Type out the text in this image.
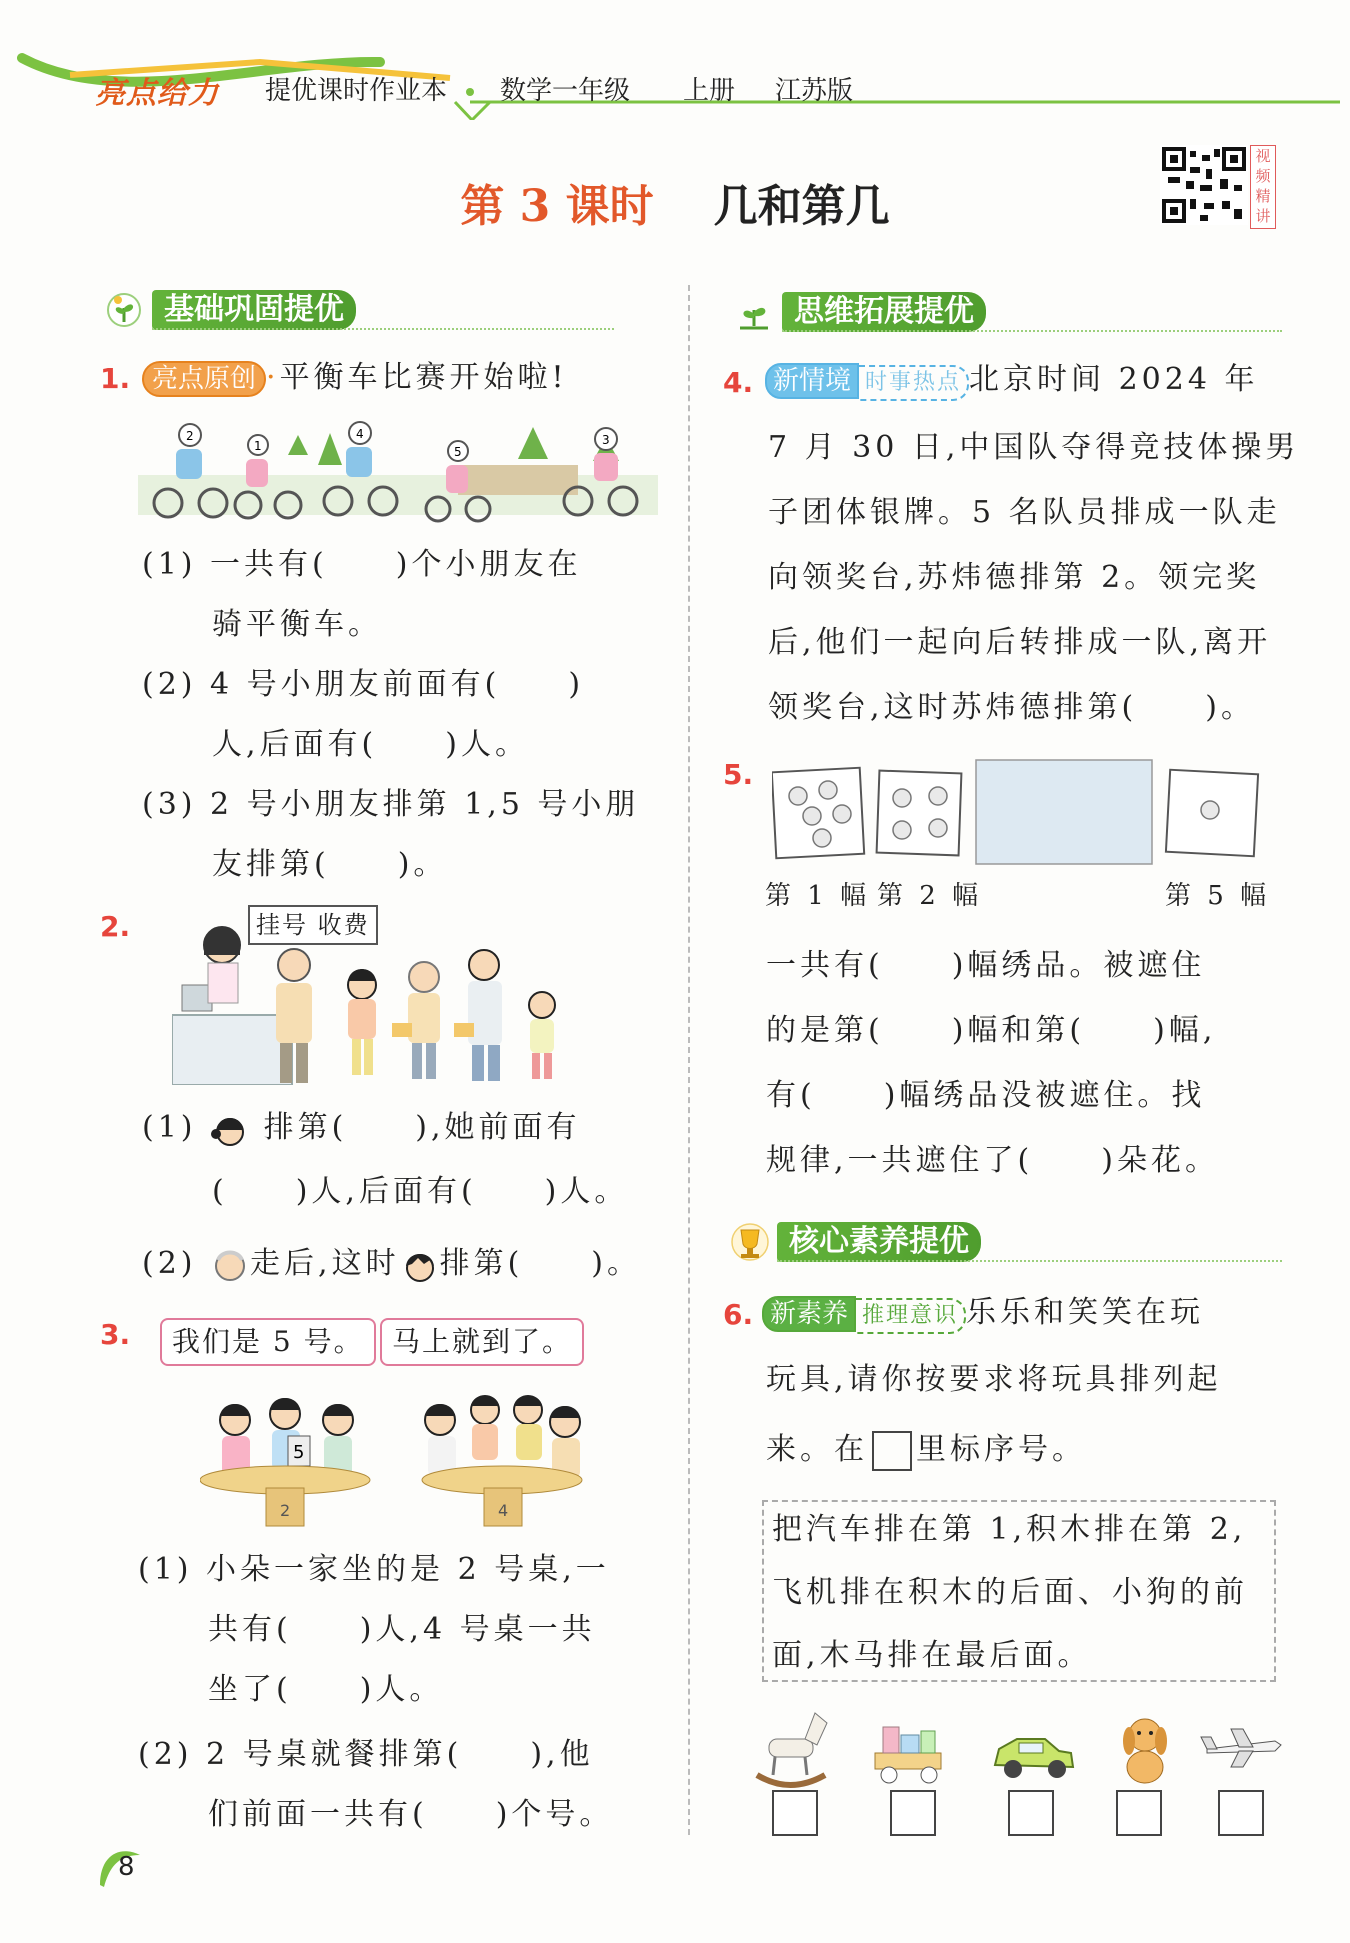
亮点给力 提优课时作业本 数学一年级 上册 江苏版
第 3 课时 几和第几
视频精讲
基础巩固提优
1. 亮点原创 ·平衡车比赛开始啦!
2
1
4
5
3
(1) 一共有(　　)个小朋友在
骑平衡车。
(2) 4 号小朋友前面有(　　)
人,后面有(　　)人。
(3) 2 号小朋友排第 1,5 号小朋
友排第(　　)。
2.	挂号 收费
(1) 排第(　　),她前面有
(　　)人,后面有(　　)人。
(2) 走后,这时 排第(　　)。
3.	我们是 5 号。	马上就到了。
5
2	4
(1) 小朵一家坐的是 2 号桌,一
共有(　　)人,4 号桌一共
坐了(　　)人。
(2) 2 号桌就餐排第(　　),他
们前面一共有(　　)个号。
思维拓展提优
4. 新情境 时事热点 北京时间 2024 年
7 月 30 日,中国队夺得竞技体操男
子团体银牌。5 名队员排成一队走
向领奖台,苏炜德排第 2。领完奖
后,他们一起向后转排成一队,离开
领奖台,这时苏炜德排第(　　)。
5.
第 1 幅 第 2 幅	第 5 幅
一共有(　　)幅绣品。被遮住
的是第(　　)幅和第(　　)幅,
有(　　)幅绣品没被遮住。找
规律,一共遮住了(　　)朵花。
核心素养提优
6. 新素养 推理意识 乐乐和笑笑在玩
玩具,请你按要求将玩具排列起
来。在 里标序号。
把汽车排在第 1,积木排在第 2,
飞机排在积木的后面、小狗的前
面,木马排在最后面。
8
